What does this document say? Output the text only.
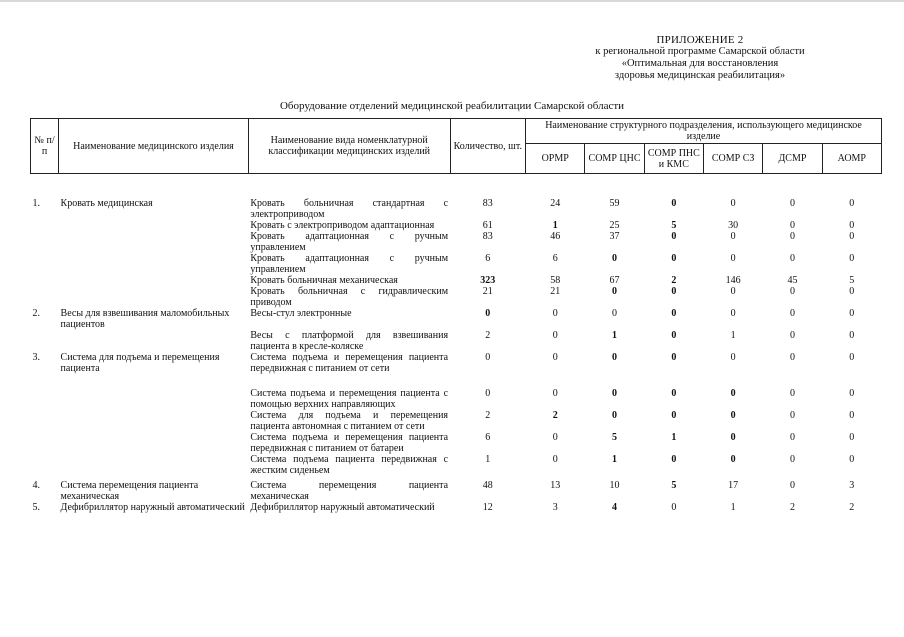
ПРИЛОЖЕНИЕ 2
к региональной программе Самарской области
«Оптимальная для восстановления
здоровья медицинская реабилитация»
Оборудование отделений медицинской реабилитации Самарской области
№ п/п	Наименование медицинского изделия	Наименование вида номенклатурной классификации медицинских изделий	Количество, шт.	Наименование структурного подразделения, использующего медицинское изделие					
				ОРМР	СОМР ЦНС	СОМР ПНС и КМС	СОМР СЗ	ДСМР	АОМР

1.	Кровать медицинская	Кровать больничная стандартная с электроприводом	83	24	59	0	0	0	0
		Кровать с электроприводом адаптационная	61	1	25	5	30	0	0
		Кровать адаптационная с ручным управлением	83	46	37	0	0	0	0
		Кровать адаптационная с ручным управлением	6	6	0	0	0	0	0
		Кровать больничная механическая	323	58	67	2	146	45	5
		Кровать больничная с гидравлическим приводом	21	21	0	0	0	0	0
2.	Весы для взвешивания маломобильных пациентов	Весы-стул электронные	0	0	0	0	0	0	0
		Весы с платформой для взвешивания пациента в кресле-коляске	2	0	1	0	1	0	0
3.	Система для подъема и перемещения пациента	Система подъема и перемещения пациента передвижная с питанием от сети	0	0	0	0	0	0	0
		Система подъема и перемещения пациента с помощью верхних направляющих	0	0	0	0	0	0	0
		Система для подъема и перемещения пациента автономная с питанием от сети	2	2	0	0	0	0	0
		Система подъема и перемещения пациента передвижная с питанием от батареи	6	0	5	1	0	0	0
		Система подъема пациента передвижная с жестким сиденьем	1	0	1	0	0	0	0
4.	Система перемещения пациента механическая	Система перемещения пациента механическая	48	13	10	5	17	0	3
5.	Дефибриллятор наружный автоматический	Дефибриллятор наружный автоматический	12	3	4	0	1	2	2
